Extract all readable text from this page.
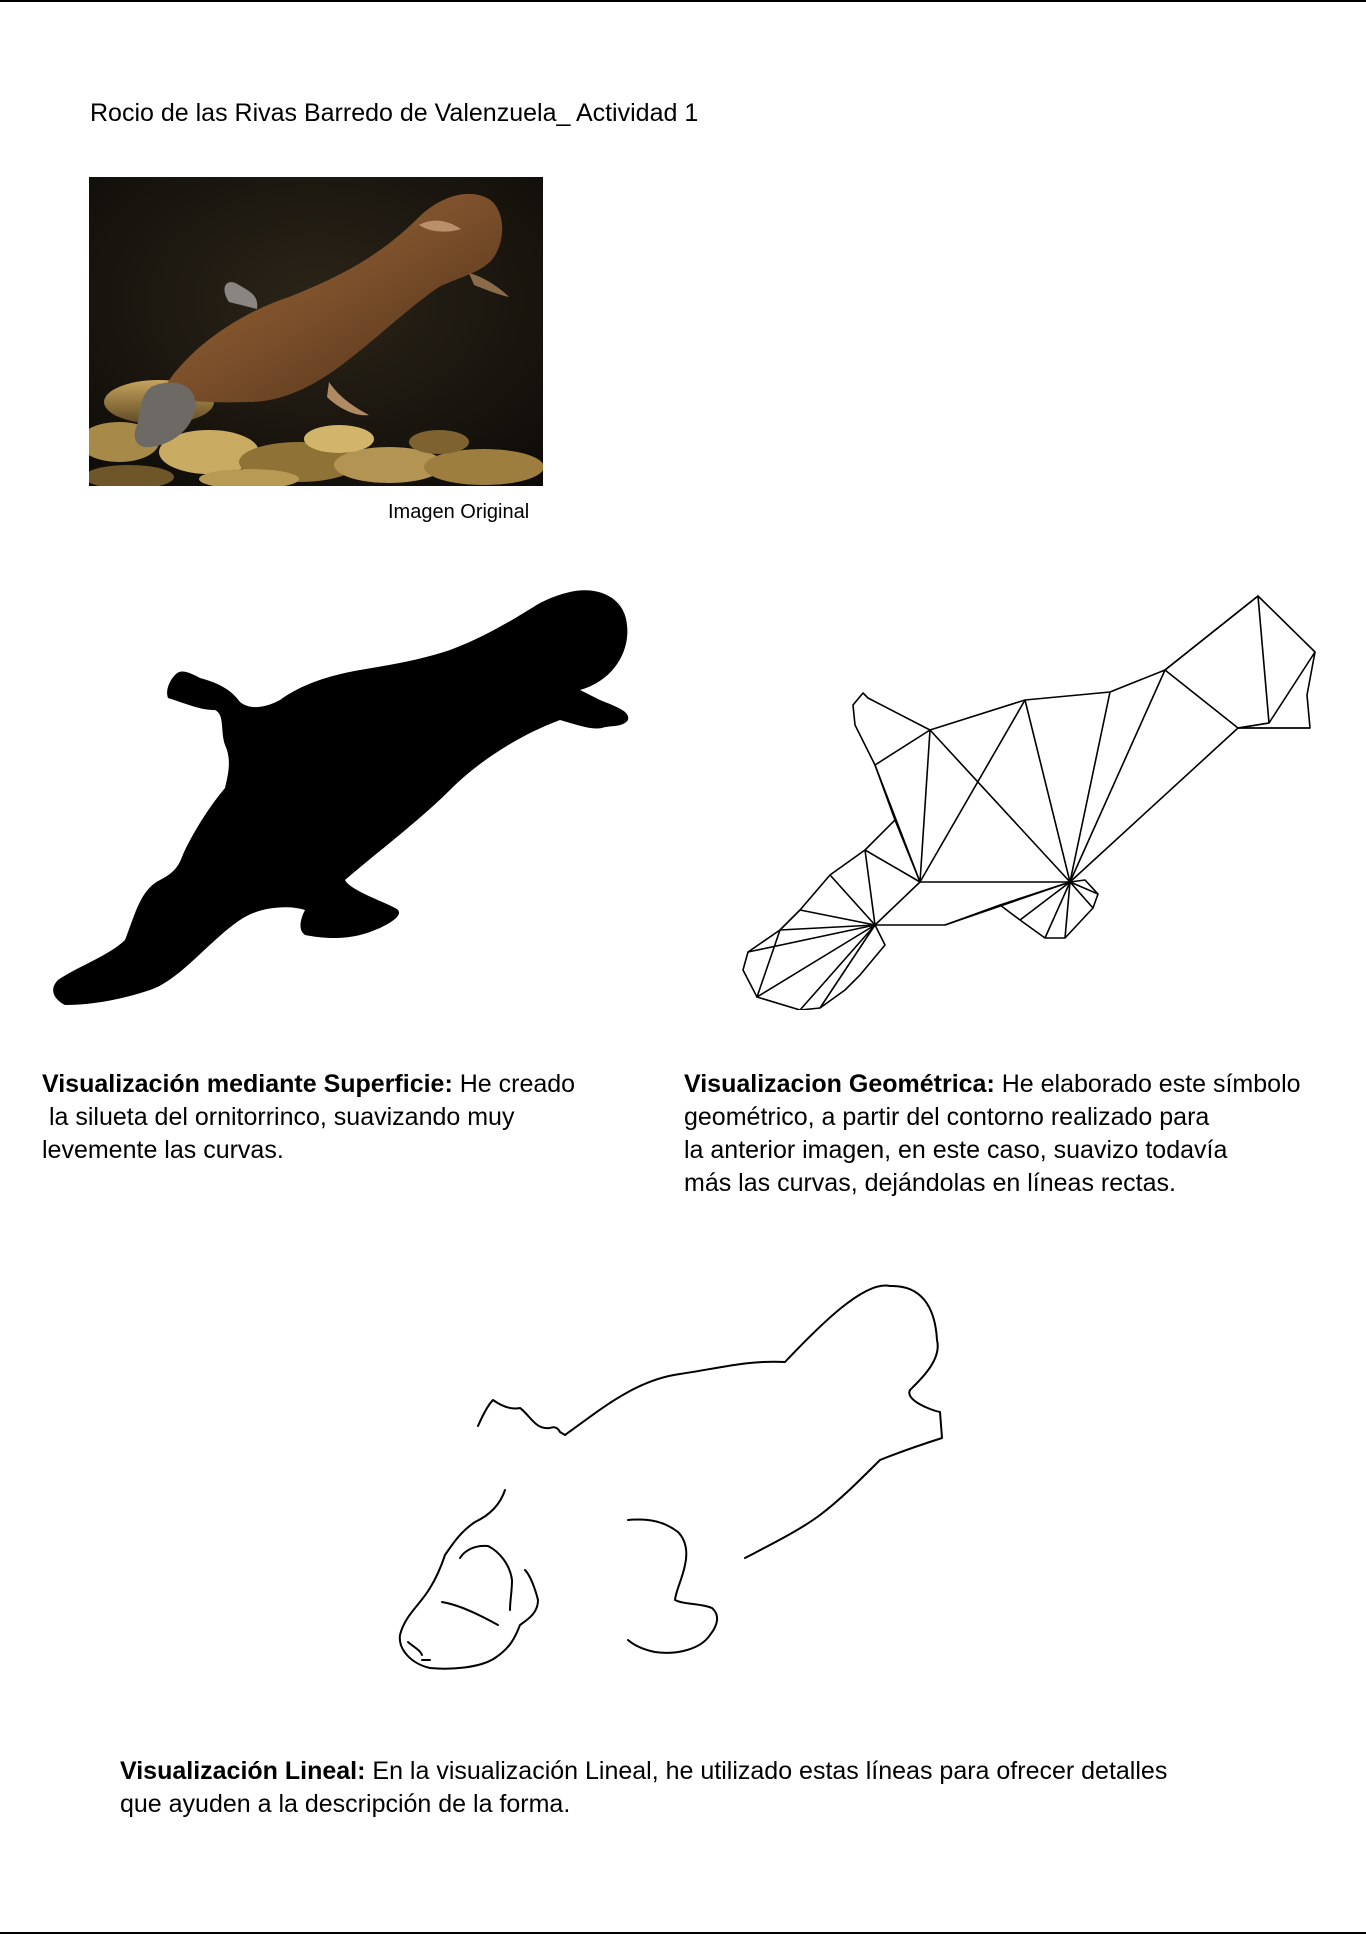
Rocio de las Rivas Barredo de Valenzuela_ Actividad 1
Imagen Original
Visualización mediante Superficie: He creado
la silueta del ornitorrinco, suavizando muy
levemente las curvas.
Visualizacion Geométrica: He elaborado este símbolo
geométrico, a partir del contorno realizado para
la anterior imagen, en este caso, suavizo todavía
más las curvas, dejándolas en líneas rectas.
Visualización Lineal: En la visualización Lineal, he utilizado estas líneas para ofrecer detalles
que ayuden a la descripción de la forma.
